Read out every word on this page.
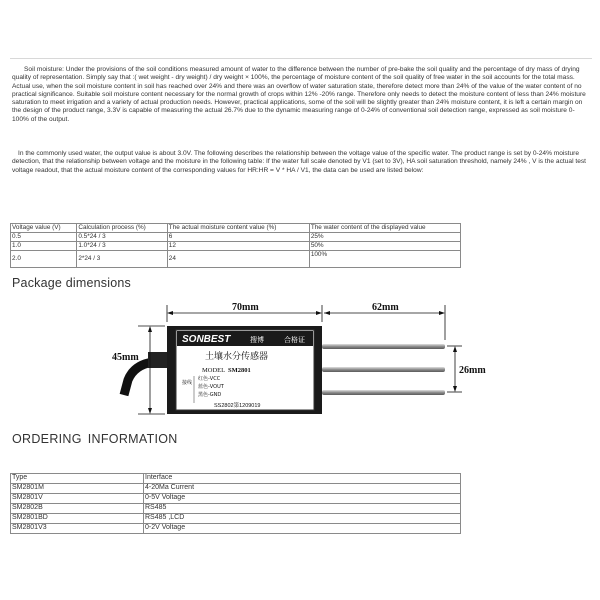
Soil moisture: Under the provisions of the soil conditions measured amount of water to the difference between the number of pre-bake the soil quality and the percentage of dry mass of drying quality of representation. Simply say that :( wet weight - dry weight) / dry weight × 100%, the percentage of moisture content of the soil quality of free water in the soil accounts for the total mass. Actual use, when the soil moisture content in soil has reached over 24% and there was an overflow of water saturation state, therefore detect more than 24% of the value of the water content of no practical significance. Suitable soil moisture content necessary for the normal growth of crops within 12% -20% range. Therefore only needs to detect the moisture content of less than 24% moisture saturation to meet irrigation and a variety of actual production needs. However, practical applications, some of the soil will be slightly greater than 24% moisture content, it is left a certain margin on the design of the product range, 3.3V is capable of measuring the actual 26.7% due to the dynamic measuring range of 0-24% of conventional soil detection range, expressed as soil moisture 0-100% of the output.
In the commonly used water, the output value is about 3.0V. The following describes the relationship between the voltage value of the specific water. The product range is set by 0-24% moisture detection, that the relationship between voltage and the moisture in the following table: If the water full scale denoted by V1 (set to 3V), HA soil saturation threshold, namely 24% , V is the actual test voltage readout, that the actual moisture content of the corresponding values for HR:HR = V * HA / V1, the data can be used are listed below:
Voltage value (V)	Calculation process (%)	The actual moisture content value (%)	The water content of the displayed value
0.5	0.5*24 / 3	6	25%
1.0	1.0*24 / 3	12	50%
2.0	2*24 / 3	24	100%
Package dimensions
SONBEST	搜博	合格证
土壤水分传感器
MODEL SM2801
接线
红色-VCC
蓝色-VOUT
黑色-GND
SS2802第1209019
70mm	62mm
45mm
26mm
ORDERING INFORMATION
Type	Interface
SM2801M	4-20Ma Current
SM2801V	0-5V Voltage
SM2802B	RS485
SM2801BD	RS485 ,LCD
SM2801V3	0-2V Voltage
